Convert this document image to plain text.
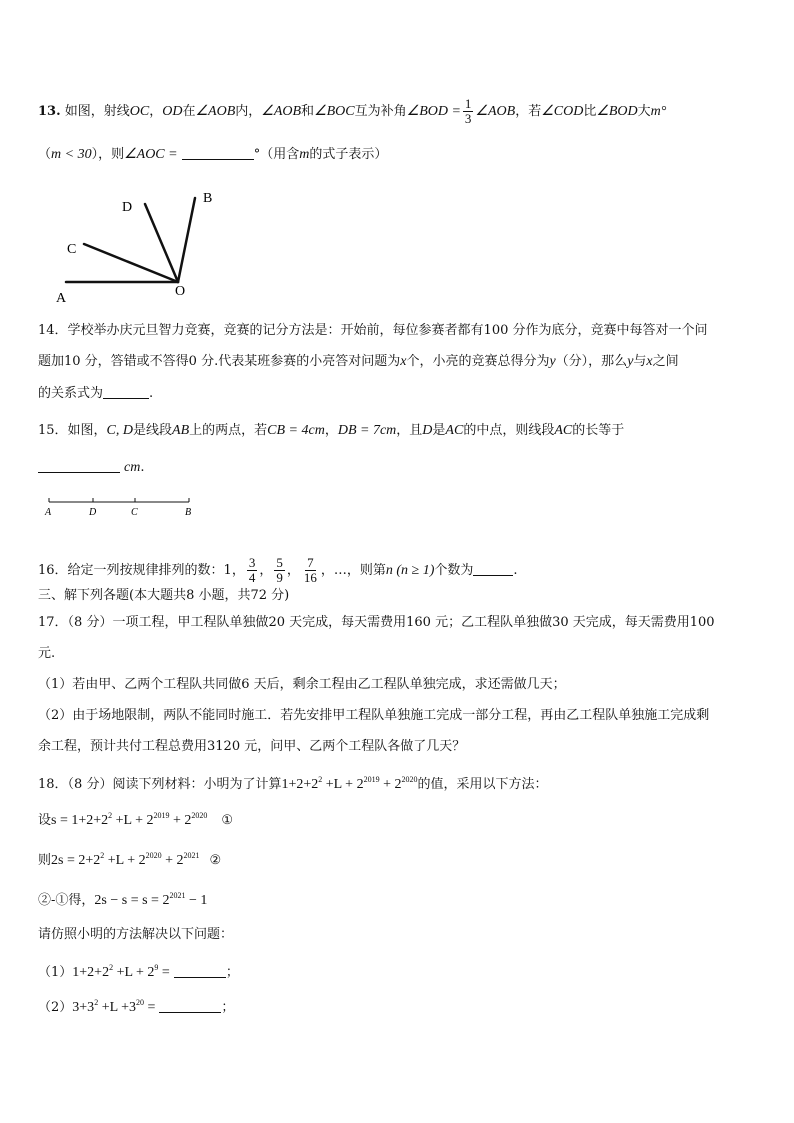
13. 如图，射线OC，OD在∠AOB内，∠AOB和∠BOC互为补角∠BOD = $\frac{1}{3}$ ∠AOB，若∠COD比∠BOD大m°
（m < 30），则∠AOC =	°（用含m的式子表示）
A
B
C
D
O
14．学校举办庆元旦智力竞赛，竞赛的记分方法是：开始前，每位参赛者都有100 分作为底分，竞赛中每答对一个问
题加10 分，答错或不答得0 分.代表某班参赛的小亮答对问题为x个，小亮的竞赛总得分为y（分），那么y与x之间
的关系式为	.
15．如图，C, D是线段AB上的两点，若CB = 4cm，DB = 7cm，且D是AC的中点，则线段AC的长等于
cm.
A	D	C	B
16．给定一列按规律排列的数：1， $\frac{3}{4}$ ， $\frac{5}{9}$ ， $\frac{7}{16}$ ，…，则第n (n ≥ 1)个数为	.
三、解下列各题(本大题共8 小题，共72 分)
17．（8 分）一项工程，甲工程队单独做20 天完成，每天需费用160 元；乙工程队单独做30 天完成，每天需费用100
元.
（1）若由甲、乙两个工程队共同做6 天后，剩余工程由乙工程队单独完成，求还需做几天；
（2）由于场地限制，两队不能同时施工．若先安排甲工程队单独施工完成一部分工程，再由乙工程队单独施工完成剩
余工程，预计共付工程总费用3120 元，问甲、乙两个工程队各做了几天？
18．（8 分）阅读下列材料：小明为了计算$1+2+2^2 +L + 2^{2019} + 2^{2020}$的值，采用以下方法：
设$s = 1+2+2^2 +L + 2^{2019} + 2^{2020}$ ①
则$2s = 2+2^2 +L + 2^{2020} + 2^{2021}$ ②
②-①得，$2s - s = s = 2^{2021} - 1$
请仿照小明的方法解决以下问题：
$(1)1+2+2^2 +L + 2^9$ =	；
$(2)3+3^2 +L +3^{20}$ =	；
